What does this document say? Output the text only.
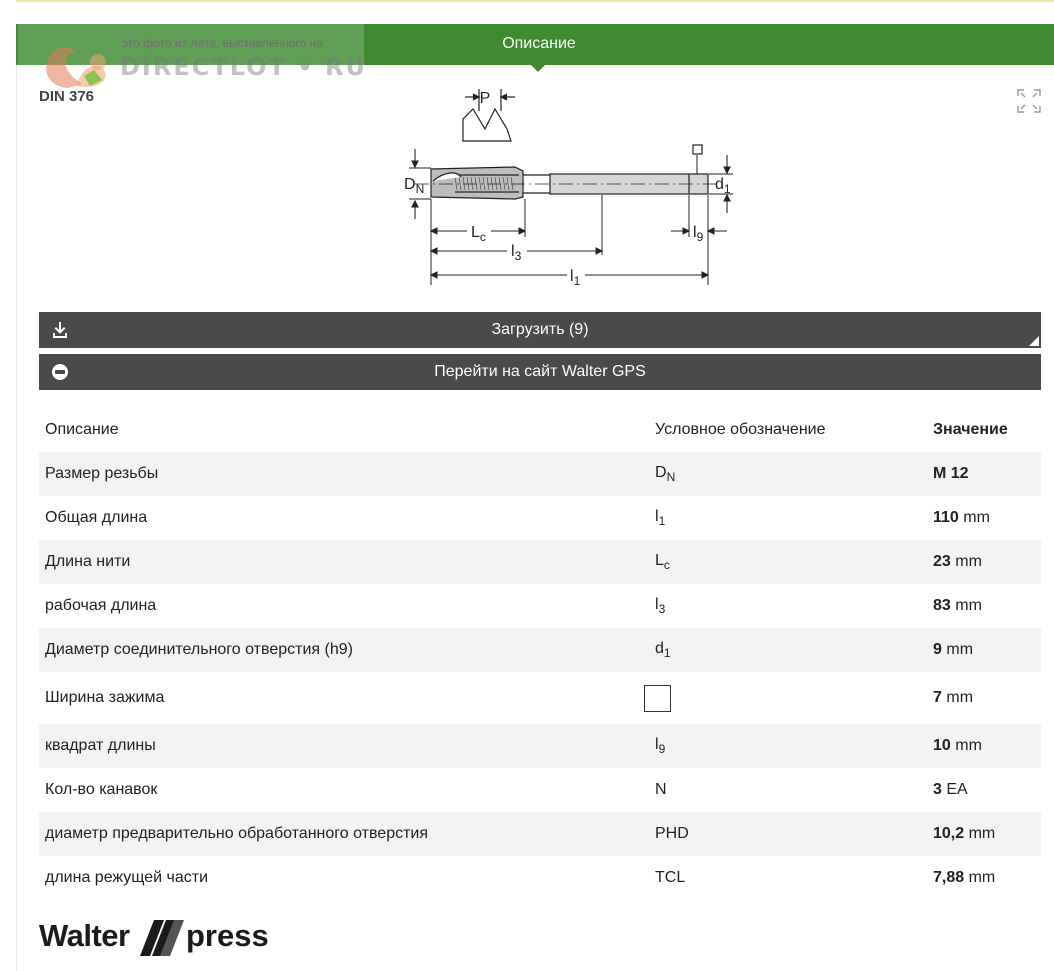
Описание
это фото из лота, выставленного на
DIRECTLOT • RU
DIN 376	P
$D_N$	$d_1$
$L_c$
$l_3$
$l_1$
$l_9$
Загрузить (9)
Перейти на сайт Walter GPS
Описание	Условное обозначение	Значение
Размер резьбы	$D_N$	M 12
Общая длина	$l_1$	110 mm
Длина нити	$L_c$	23 mm
рабочая длина	$l_3$	83 mm
Диаметр соединительного отверстия (h9)	$d_1$	9 mm
Ширина зажима		7 mm
квадрат длины	$l_9$	10 mm
Кол-во канавок	N	3 EA
диаметр предварительно обработанного отверстия	PHD	10,2 mm
длина режущей части	TCL	7,88 mm
Walter press
